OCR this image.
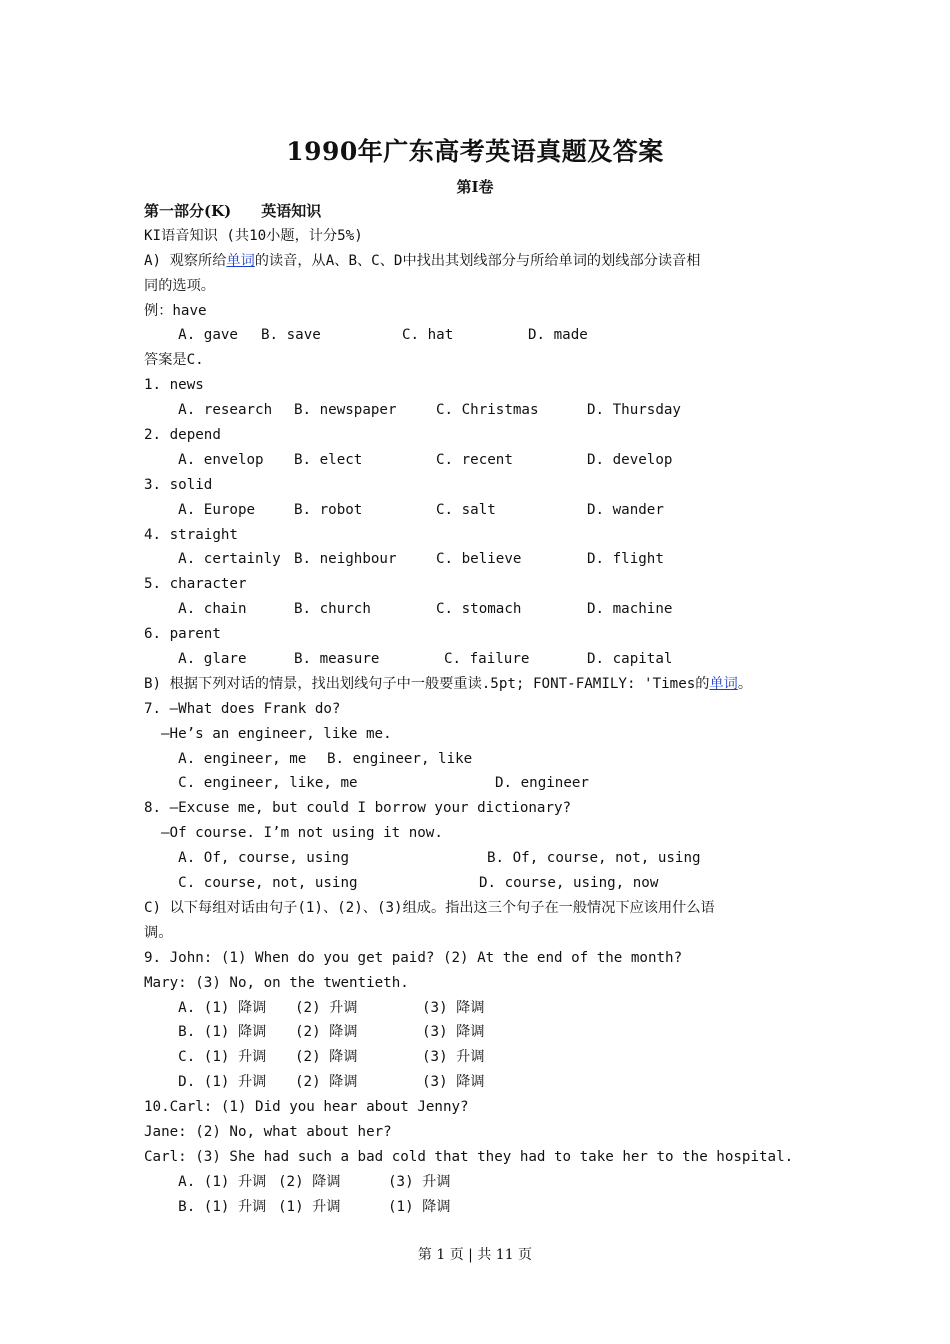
1990年广东高考英语真题及答案
第I卷
第一部分(K)　　英语知识
KI语音知识 (共10小题，计分5%)
A) 观察所给单词的读音，从A、B、C、D中找出其划线部分与所给单词的划线部分读音相
同的选项。
例：have

A. gave

B. save

	C. hat

	D. made

答案是C.
1. news

A. research

B. newspaper

	C. Christmas

	D. Thursday

2. depend

A. envelop

B. elect

	C. recent

	D. develop

3. solid

A. Europe

	B. robot

	C. salt

	D. wander

4. straight

A. certainly

B. neighbour

	C. believe

	D. flight

5. character

A. chain

	B. church

	C. stomach

	D. machine

6. parent

A. glare

	B. measure

	C. failure

	D. capital

B) 根据下列对话的情景，找出划线句子中一般要重读.5pt; FONT-FAMILY: 'Times的单词。
7. —What does Frank do?
—He’s an engineer, like me.

A. engineer, me

B. engineer, like

C. engineer, like, me

	D. engineer

8. —Excuse me, but could I borrow your dictionary?
—Of course. I’m not using it now.

A. Of, course, using

	B. Of, course, not, using

C. course, not, using

	D. course, using, now

C) 以下每组对话由句子(1)、(2)、(3)组成。指出这三个句子在一般情况下应该用什么语
调。
9. John: (1) When do you get paid? (2) At the end of the month?
Mary: (3) No, on the twentieth.

A. (1) 降调

(2) 升调

	(3) 降调

B. (1) 降调

(2) 降调

	(3) 降调

C. (1) 升调

(2) 降调

	(3) 升调

D. (1) 升调

(2) 降调

	(3) 降调

10.Carl: (1) Did you hear about Jenny?
Jane: (2) No, what about her?
Carl: (3) She had such a bad cold that they had to take her to the hospital.

A. (1) 升调

(2) 降调

	(3) 升调

B. (1) 升调

(1) 升调

	(1) 降调

第 1 页 | 共 11 页
